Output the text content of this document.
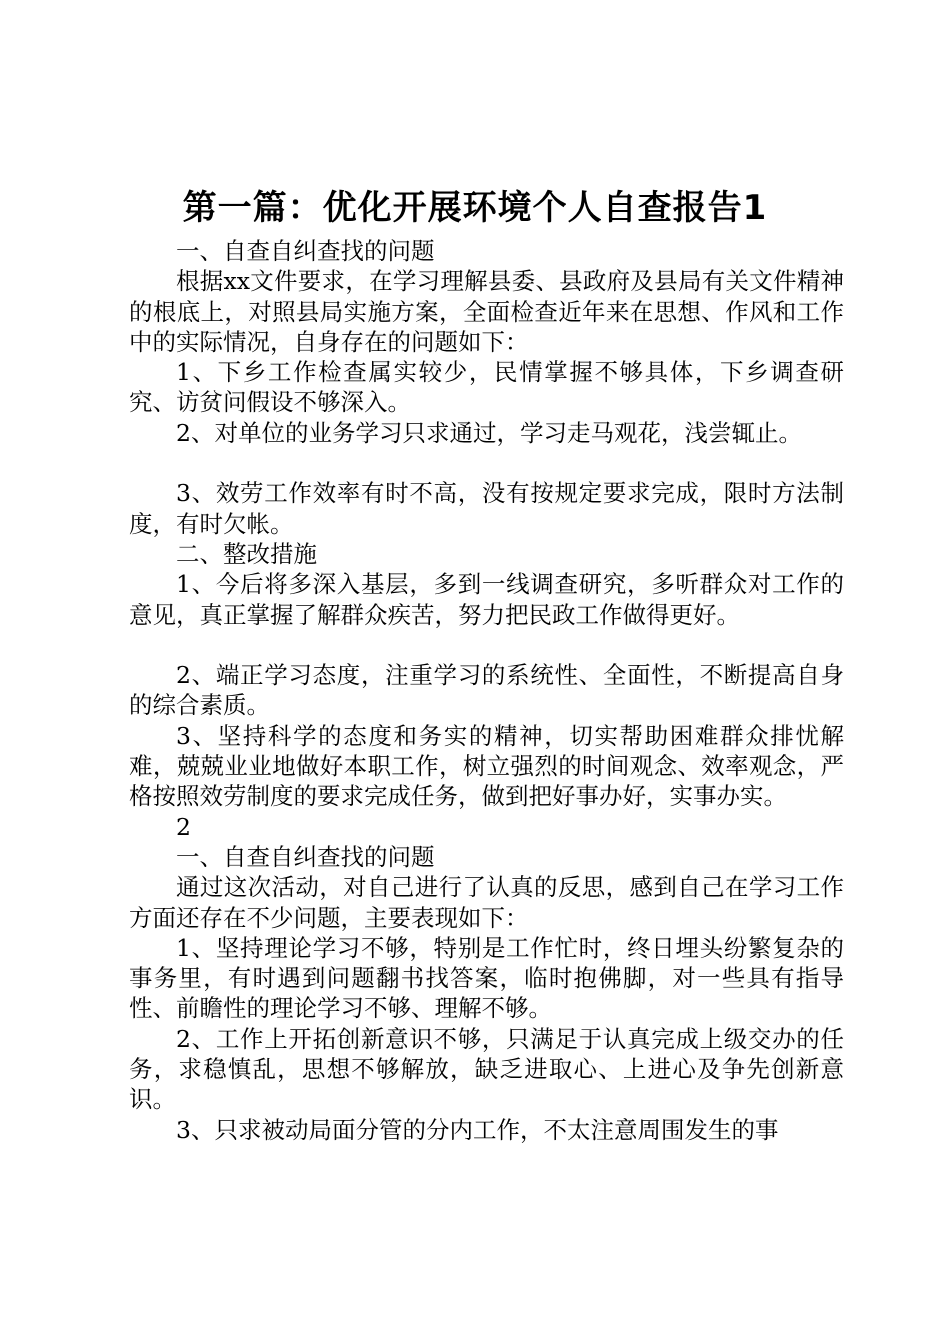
第一篇：优化开展环境个人自查报告1

一、自查自纠查找的问题

根据xx文件要求，在学习理解县委、县政府及县局有关文件精神的根底上，对照县局实施方案，全面检查近年来在思想、作风和工作中的实际情况，自身存在的问题如下：

1、下乡工作检查属实较少，民情掌握不够具体，下乡调查研究、访贫问假设不够深入。

2、对单位的业务学习只求通过，学习走马观花，浅尝辄止。

3、效劳工作效率有时不高，没有按规定要求完成，限时方法制度，有时欠帐。

二、整改措施

1、今后将多深入基层，多到一线调查研究，多听群众对工作的意见，真正掌握了解群众疾苦，努力把民政工作做得更好。

2、端正学习态度，注重学习的系统性、全面性，不断提高自身的综合素质。

3、坚持科学的态度和务实的精神，切实帮助困难群众排忧解难，兢兢业业地做好本职工作，树立强烈的时间观念、效率观念，严格按照效劳制度的要求完成任务，做到把好事办好，实事办实。

2

一、自查自纠查找的问题

通过这次活动，对自己进行了认真的反思，感到自己在学习工作方面还存在不少问题，主要表现如下：

1、坚持理论学习不够，特别是工作忙时，终日埋头纷繁复杂的事务里，有时遇到问题翻书找答案，临时抱佛脚，对一些具有指导性、前瞻性的理论学习不够、理解不够。

2、工作上开拓创新意识不够，只满足于认真完成上级交办的任务，求稳慎乱，思想不够解放，缺乏进取心、上进心及争先创新意识。

3、只求被动局面分管的分内工作，不太注意周围发生的事
